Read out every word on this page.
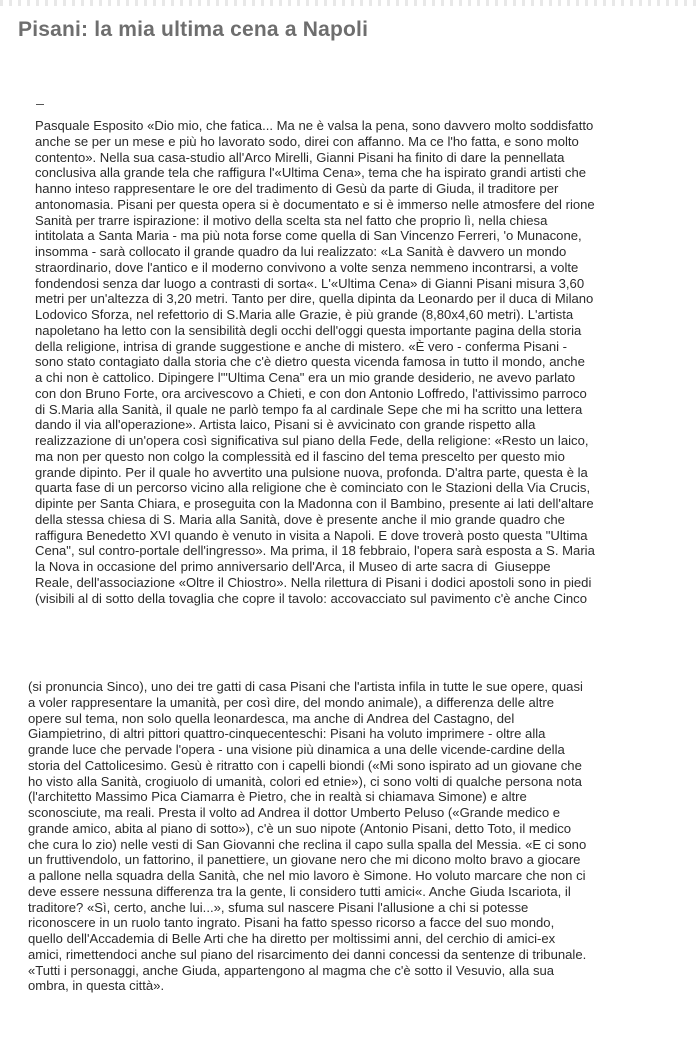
Pisani: la mia ultima cena a Napoli

Pasquale Esposito «Dio mio, che fatica... Ma ne è valsa la pena, sono davvero molto soddisfatto
anche se per un mese e più ho lavorato sodo, direi con affanno. Ma ce l'ho fatta, e sono molto
contento». Nella sua casa-studio all'Arco Mirelli, Gianni Pisani ha finito di dare la pennellata
conclusiva alla grande tela che raffigura l'«Ultima Cena», tema che ha ispirato grandi artisti che
hanno inteso rappresentare le ore del tradimento di Gesù da parte di Giuda, il traditore per
antonomasia. Pisani per questa opera si è documentato e si è immerso nelle atmosfere del rione
Sanità per trarre ispirazione: il motivo della scelta sta nel fatto che proprio lì, nella chiesa
intitolata a Santa Maria - ma più nota forse come quella di San Vincenzo Ferreri, 'o Munacone,
insomma - sarà collocato il grande quadro da lui realizzato: «La Sanità è davvero un mondo
straordinario, dove l'antico e il moderno convivono a volte senza nemmeno incontrarsi, a volte
fondendosi senza dar luogo a contrasti di sorta«. L'«Ultima Cena» di Gianni Pisani misura 3,60
metri per un'altezza di 3,20 metri. Tanto per dire, quella dipinta da Leonardo per il duca di Milano
Lodovico Sforza, nel refettorio di S.Maria alle Grazie, è più grande (8,80x4,60 metri). L'artista
napoletano ha letto con la sensibilità degli occhi dell'oggi questa importante pagina della storia
della religione, intrisa di grande suggestione e anche di mistero. «È vero - conferma Pisani -
sono stato contagiato dalla storia che c'è dietro questa vicenda famosa in tutto il mondo, anche
a chi non è cattolico. Dipingere l'"Ultima Cena" era un mio grande desiderio, ne avevo parlato
con don Bruno Forte, ora arcivescovo a Chieti, e con don Antonio Loffredo, l'attivissimo parroco
di S.Maria alla Sanità, il quale ne parlò tempo fa al cardinale Sepe che mi ha scritto una lettera
dando il via all'operazione». Artista laico, Pisani si è avvicinato con grande rispetto alla
realizzazione di un'opera così significativa sul piano della Fede, della religione: «Resto un laico,
ma non per questo non colgo la complessità ed il fascino del tema prescelto per questo mio
grande dipinto. Per il quale ho avvertito una pulsione nuova, profonda. D'altra parte, questa è la
quarta fase di un percorso vicino alla religione che è cominciato con le Stazioni della Via Crucis,
dipinte per Santa Chiara, e proseguita con la Madonna con il Bambino, presente ai lati dell'altare
della stessa chiesa di S. Maria alla Sanità, dove è presente anche il mio grande quadro che
raffigura Benedetto XVI quando è venuto in visita a Napoli. E dove troverà posto questa "Ultima
Cena", sul contro-portale dell'ingresso». Ma prima, il 18 febbraio, l'opera sarà esposta a S. Maria
la Nova in occasione del primo anniversario dell'Arca, il Museo di arte sacra di  Giuseppe
Reale, dell'associazione «Oltre il Chiostro». Nella rilettura di Pisani i dodici apostoli sono in piedi
(visibili al di sotto della tovaglia che copre il tavolo: accovacciato sul pavimento c'è anche Cinco

(si pronuncia Sinco), uno dei tre gatti di casa Pisani che l'artista infila in tutte le sue opere, quasi
a voler rappresentare la umanità, per così dire, del mondo animale), a differenza delle altre
opere sul tema, non solo quella leonardesca, ma anche di Andrea del Castagno, del
Giampietrino, di altri pittori quattro-cinquecenteschi: Pisani ha voluto imprimere - oltre alla
grande luce che pervade l'opera - una visione più dinamica a una delle vicende-cardine della
storia del Cattolicesimo. Gesù è ritratto con i capelli biondi («Mi sono ispirato ad un giovane che
ho visto alla Sanità, crogiuolo di umanità, colori ed etnie»), ci sono volti di qualche persona nota
(l'architetto Massimo Pica Ciamarra è Pietro, che in realtà si chiamava Simone) e altre
sconosciute, ma reali. Presta il volto ad Andrea il dottor Umberto Peluso («Grande medico e
grande amico, abita al piano di sotto»), c'è un suo nipote (Antonio Pisani, detto Toto, il medico
che cura lo zio) nelle vesti di San Giovanni che reclina il capo sulla spalla del Messia. «E ci sono
un fruttivendolo, un fattorino, il panettiere, un giovane nero che mi dicono molto bravo a giocare
a pallone nella squadra della Sanità, che nel mio lavoro è Simone. Ho voluto marcare che non ci
deve essere nessuna differenza tra la gente, li considero tutti amici«. Anche Giuda Iscariota, il
traditore? «Sì, certo, anche lui...», sfuma sul nascere Pisani l'allusione a chi si potesse
riconoscere in un ruolo tanto ingrato. Pisani ha fatto spesso ricorso a facce del suo mondo,
quello dell'Accademia di Belle Arti che ha diretto per moltissimi anni, del cerchio di amici-ex
amici, rimettendoci anche sul piano del risarcimento dei danni concessi da sentenze di tribunale.
«Tutti i personaggi, anche Giuda, appartengono al magma che c'è sotto il Vesuvio, alla sua
ombra, in questa città».
